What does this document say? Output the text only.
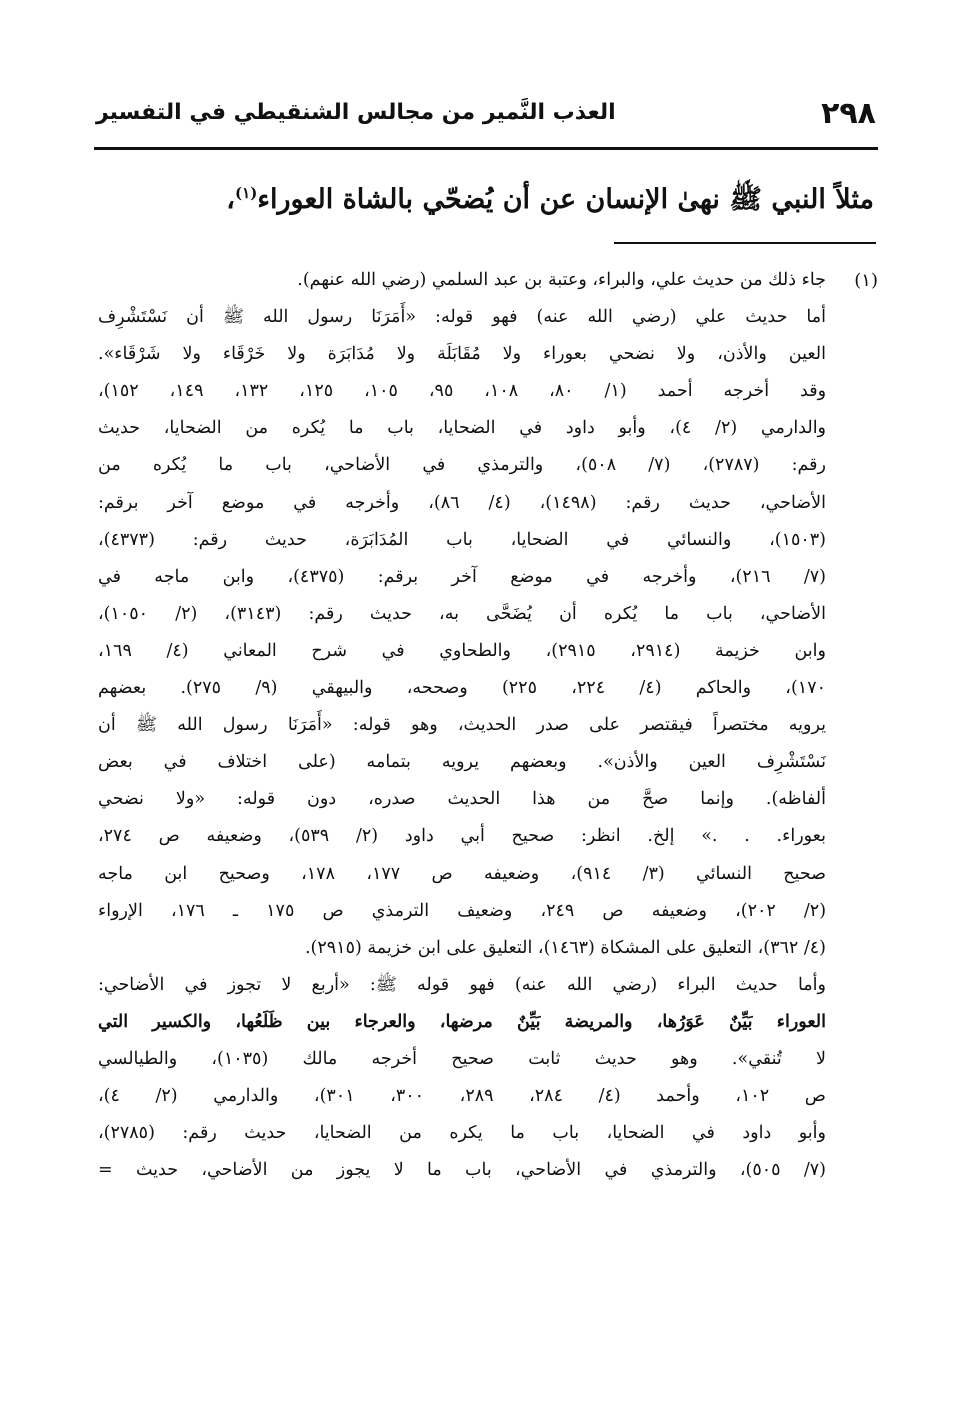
٢٩٨
العذب النَّمير من مجالس الشنقيطي في التفسير
مثلاً النبي ﷺ نهىٰ الإنسان عن أن يُضحّي بالشاة العوراء$^{(١)}$،
(١)
جاء ذلك من حديث علي، والبراء، وعتبة بن عبد السلمي (رضي الله عنهم).
أما حديث علي (رضي الله عنه) فهو قوله: «أَمَرَنَا رسول الله ﷺ أن نَسْتَشْرِف
العين والأذن، ولا نضحي بعوراء ولا مُقَابَلَة ولا مُدَابَرَة ولا خَرْقَاء ولا شَرْقَاء».
وقد أخرجه أحمد (١/ ٨٠، ١٠٨، ٩٥، ١٠٥، ١٢٥، ١٣٢، ١٤٩، ١٥٢)،
والدارمي (٢/ ٤)، وأبو داود في الضحايا، باب ما يُكره من الضحايا، حديث
رقم: (٢٧٨٧)، (٧/ ٥٠٨)، والترمذي في الأضاحي، باب ما يُكره من
الأضاحي، حديث رقم: (١٤٩٨)، (٤/ ٨٦)، وأخرجه في موضع آخر برقم:
(١٥٠٣)، والنسائي في الضحايا، باب المُدَابَرَة، حديث رقم: (٤٣٧٣)،
(٧/ ٢١٦)، وأخرجه في موضع آخر برقم: (٤٣٧٥)، وابن ماجه في
الأضاحي، باب ما يُكره أن يُضَحَّى به، حديث رقم: (٣١٤٣)، (٢/ ١٠٥٠)،
وابن خزيمة (٢٩١٤، ٢٩١٥)، والطحاوي في شرح المعاني (٤/ ١٦٩،
١٧٠)، والحاكم (٤/ ٢٢٤، ٢٢٥) وصححه، والبيهقي (٩/ ٢٧٥). بعضهم
يرويه مختصراً فيقتصر على صدر الحديث، وهو قوله: «أَمَرَنَا رسول الله ﷺ أن
نَسْتَشْرِف العين والأذن». وبعضهم يرويه بتمامه (على اختلاف في بعض
ألفاظه). وإنما صحَّ من هذا الحديث صدره، دون قوله: «ولا نضحي
بعوراء. . .» إلخ. انظر: صحيح أبي داود (٢/ ٥٣٩)، وضعيفه ص ٢٧٤،
صحيح النسائي (٣/ ٩١٤)، وضعيفه ص ١٧٧، ١٧٨، وصحيح ابن ماجه
(٢/ ٢٠٢)، وضعيفه ص ٢٤٩، وضعيف الترمذي ص ١٧٥ ـ ١٧٦، الإرواء
(٤/ ٣٦٢)، التعليق على المشكاة (١٤٦٣)، التعليق على ابن خزيمة (٢٩١٥).
وأما حديث البراء (رضي الله عنه) فهو قوله ﷺ: «أربع لا تجوز في الأضاحي:
العوراء بَيِّنٌ عَوَرُها، والمريضة بَيِّنٌ مرضها، والعرجاء بين ظَلَعُها، والكسير التي
لا تُنقي». وهو حديث ثابت صحيح أخرجه مالك (١٠٣٥)، والطيالسي
ص ١٠٢، وأحمد (٤/ ٢٨٤، ٢٨٩، ٣٠٠، ٣٠١)، والدارمي (٢/ ٤)،
وأبو داود في الضحايا، باب ما يكره من الضحايا، حديث رقم: (٢٧٨٥)،
(٧/ ٥٠٥)، والترمذي في الأضاحي، باب ما لا يجوز من الأضاحي، حديث =
